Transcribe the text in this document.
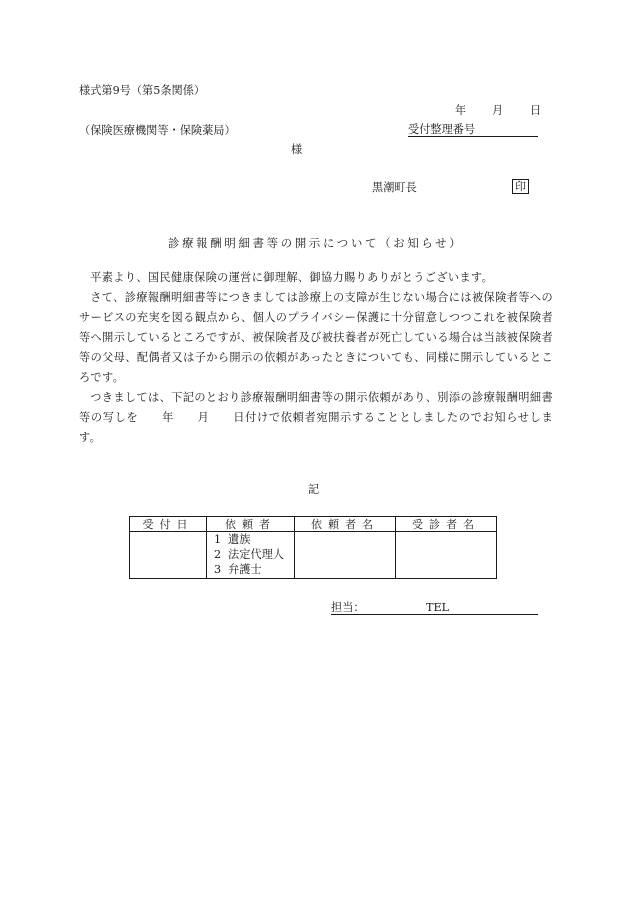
様式第9号（第5条関係）
年 月 日
（保険医療機関等・保険薬局）	受付整理番号
様
黒潮町長	印
診療報酬明細書等の開示について（お知らせ）

平素より、国民健康保険の運営に御理解、御協力賜りありがとうございます。

さて、診療報酬明細書等につきましては診療上の支障が生じない場合には被保険者等へのサービスの充実を図る観点から、個人のプライバシー保護に十分留意しつつこれを被保険者等へ開示しているところですが、被保険者及び被扶養者が死亡している場合は当該被保険者等の父母、配偶者又は子から開示の依頼があったときについても、同様に開示しているところです。

つきましては、下記のとおり診療報酬明細書等の開示依頼があり、別添の診療報酬明細書等の写しを　　年　　月　　日付けで依頼者宛開示することとしましたのでお知らせします。

記
受付日	依頼者	依頼者名	受診者名

	1 遺族
2 法定代理人
3 弁護士		

担当：	TEL
